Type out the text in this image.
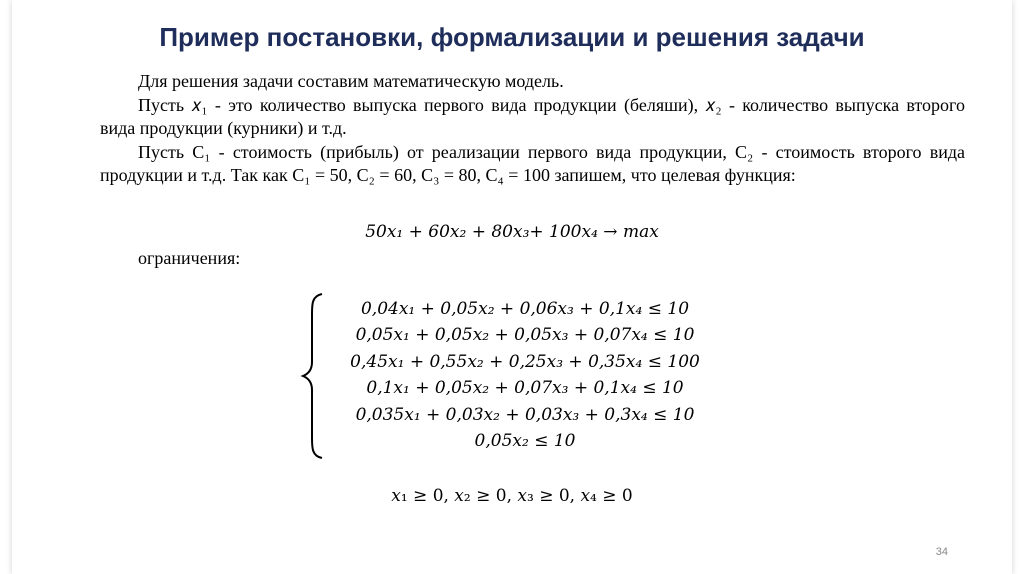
Пример постановки, формализации и решения задачи

Для решения задачи составим математическую модель.

Пусть 𝑥₁ - это количество выпуска первого вида продукции (беляши), 𝑥₂ - количество выпуска второго вида продукции (курники) и т.д.

Пусть C₁ - стоимость (прибыль) от реализации первого вида продукции, C₂ - стоимость второго вида продукции и т.д. Так как C₁ = 50, C₂ = 60, C₃ = 80, C₄ = 100 запишем, что целевая функция:

50𝑥₁ + 60𝑥₂ + 80𝑥₃+ 100𝑥₄ → 𝑚𝑎𝑥
ограничения:
0,04𝑥₁ + 0,05𝑥₂ + 0,06𝑥₃ + 0,1𝑥₄ ≤ 10
0,05𝑥₁ + 0,05𝑥₂ + 0,05𝑥₃ + 0,07𝑥₄ ≤ 10
0,45𝑥₁ + 0,55𝑥₂ + 0,25𝑥₃ + 0,35𝑥₄ ≤ 100
0,1𝑥₁ + 0,05𝑥₂ + 0,07𝑥₃ + 0,1𝑥₄ ≤ 10
0,035𝑥₁ + 0,03𝑥₂ + 0,03𝑥₃ + 0,3𝑥₄ ≤ 10
0,05𝑥₂ ≤ 10
𝑥₁ ≥ 0, 𝑥₂ ≥ 0, 𝑥₃ ≥ 0, 𝑥₄ ≥ 0
34
